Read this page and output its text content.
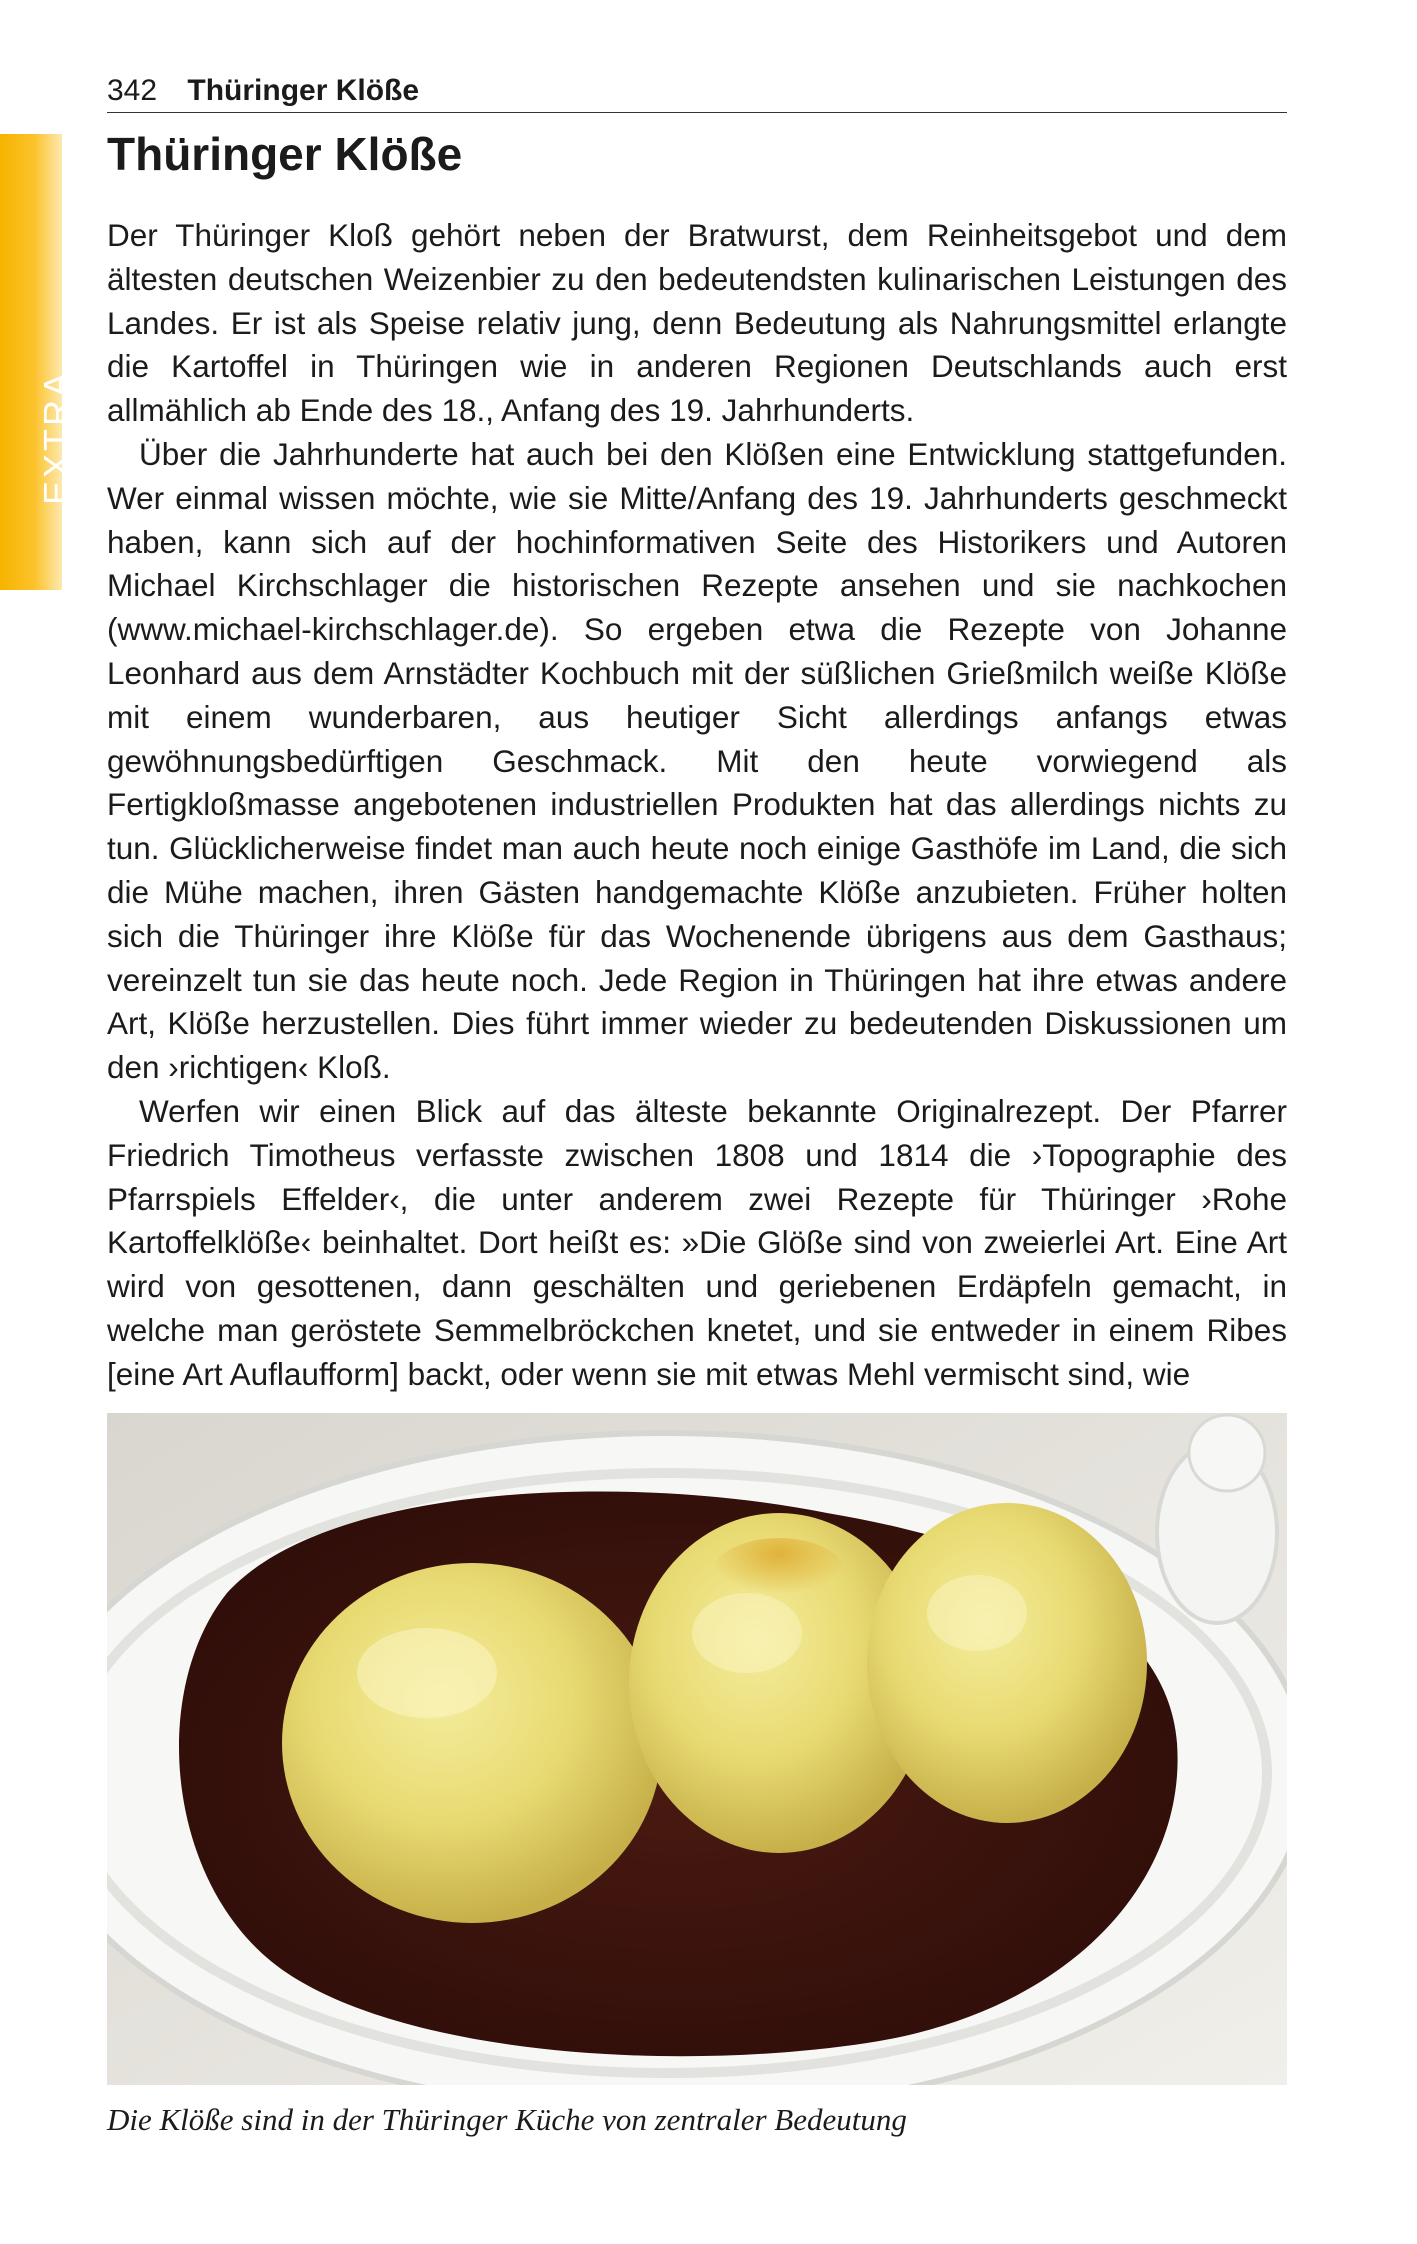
EXTRA
342 Thüringer Klöße
Thüringer Klöße

Der Thüringer Kloß gehört neben der Bratwurst, dem Reinheitsgebot und dem ältesten deutschen Weizenbier zu den bedeutendsten kulinarischen Leistungen des Landes. Er ist als Speise relativ jung, denn Bedeutung als Nahrungsmittel erlangte die Kartoffel in Thüringen wie in anderen Regionen Deutschlands auch erst allmählich ab Ende des 18., Anfang des 19. Jahrhunderts.

Über die Jahrhunderte hat auch bei den Klößen eine Entwicklung stattgefunden. Wer einmal wissen möchte, wie sie Mitte/Anfang des 19. Jahrhunderts geschmeckt haben, kann sich auf der hochinformativen Seite des Historikers und Autoren Michael Kirchschlager die historischen Rezepte ansehen und sie nachkochen (www.michael-kirchschlager.de). So ergeben etwa die Rezepte von Johanne Leonhard aus dem Arnstädter Kochbuch mit der süßlichen Grießmilch weiße Klöße mit einem wunderbaren, aus heutiger Sicht allerdings anfangs etwas gewöhnungsbedürftigen Geschmack. Mit den heute vorwiegend als Fertigkloßmasse angebotenen industriellen Produkten hat das allerdings nichts zu tun. Glücklicherweise findet man auch heute noch einige Gasthöfe im Land, die sich die Mühe machen, ihren Gästen handgemachte Klöße anzubieten. Früher holten sich die Thüringer ihre Klöße für das Wochenende übrigens aus dem Gasthaus; vereinzelt tun sie das heute noch. Jede Region in Thüringen hat ihre etwas andere Art, Klöße herzustellen. Dies führt immer wieder zu bedeutenden Diskussionen um den ›richtigen‹ Kloß.

Werfen wir einen Blick auf das älteste bekannte Originalrezept. Der Pfarrer Friedrich Timotheus verfasste zwischen 1808 und 1814 die ›Topographie des Pfarrspiels Effelder‹, die unter anderem zwei Rezepte für Thüringer ›Rohe Kartoffelklöße‹ beinhaltet. Dort heißt es: »Die Glöße sind von zweierlei Art. Eine Art wird von gesottenen, dann geschälten und geriebenen Erdäpfeln gemacht, in welche man geröstete Semmelbröckchen knetet, und sie entweder in einem Ribes [eine Art Auflaufform] backt, oder wenn sie mit etwas Mehl vermischt sind, wie

Die Klöße sind in der Thüringer Küche von zentraler Bedeutung
